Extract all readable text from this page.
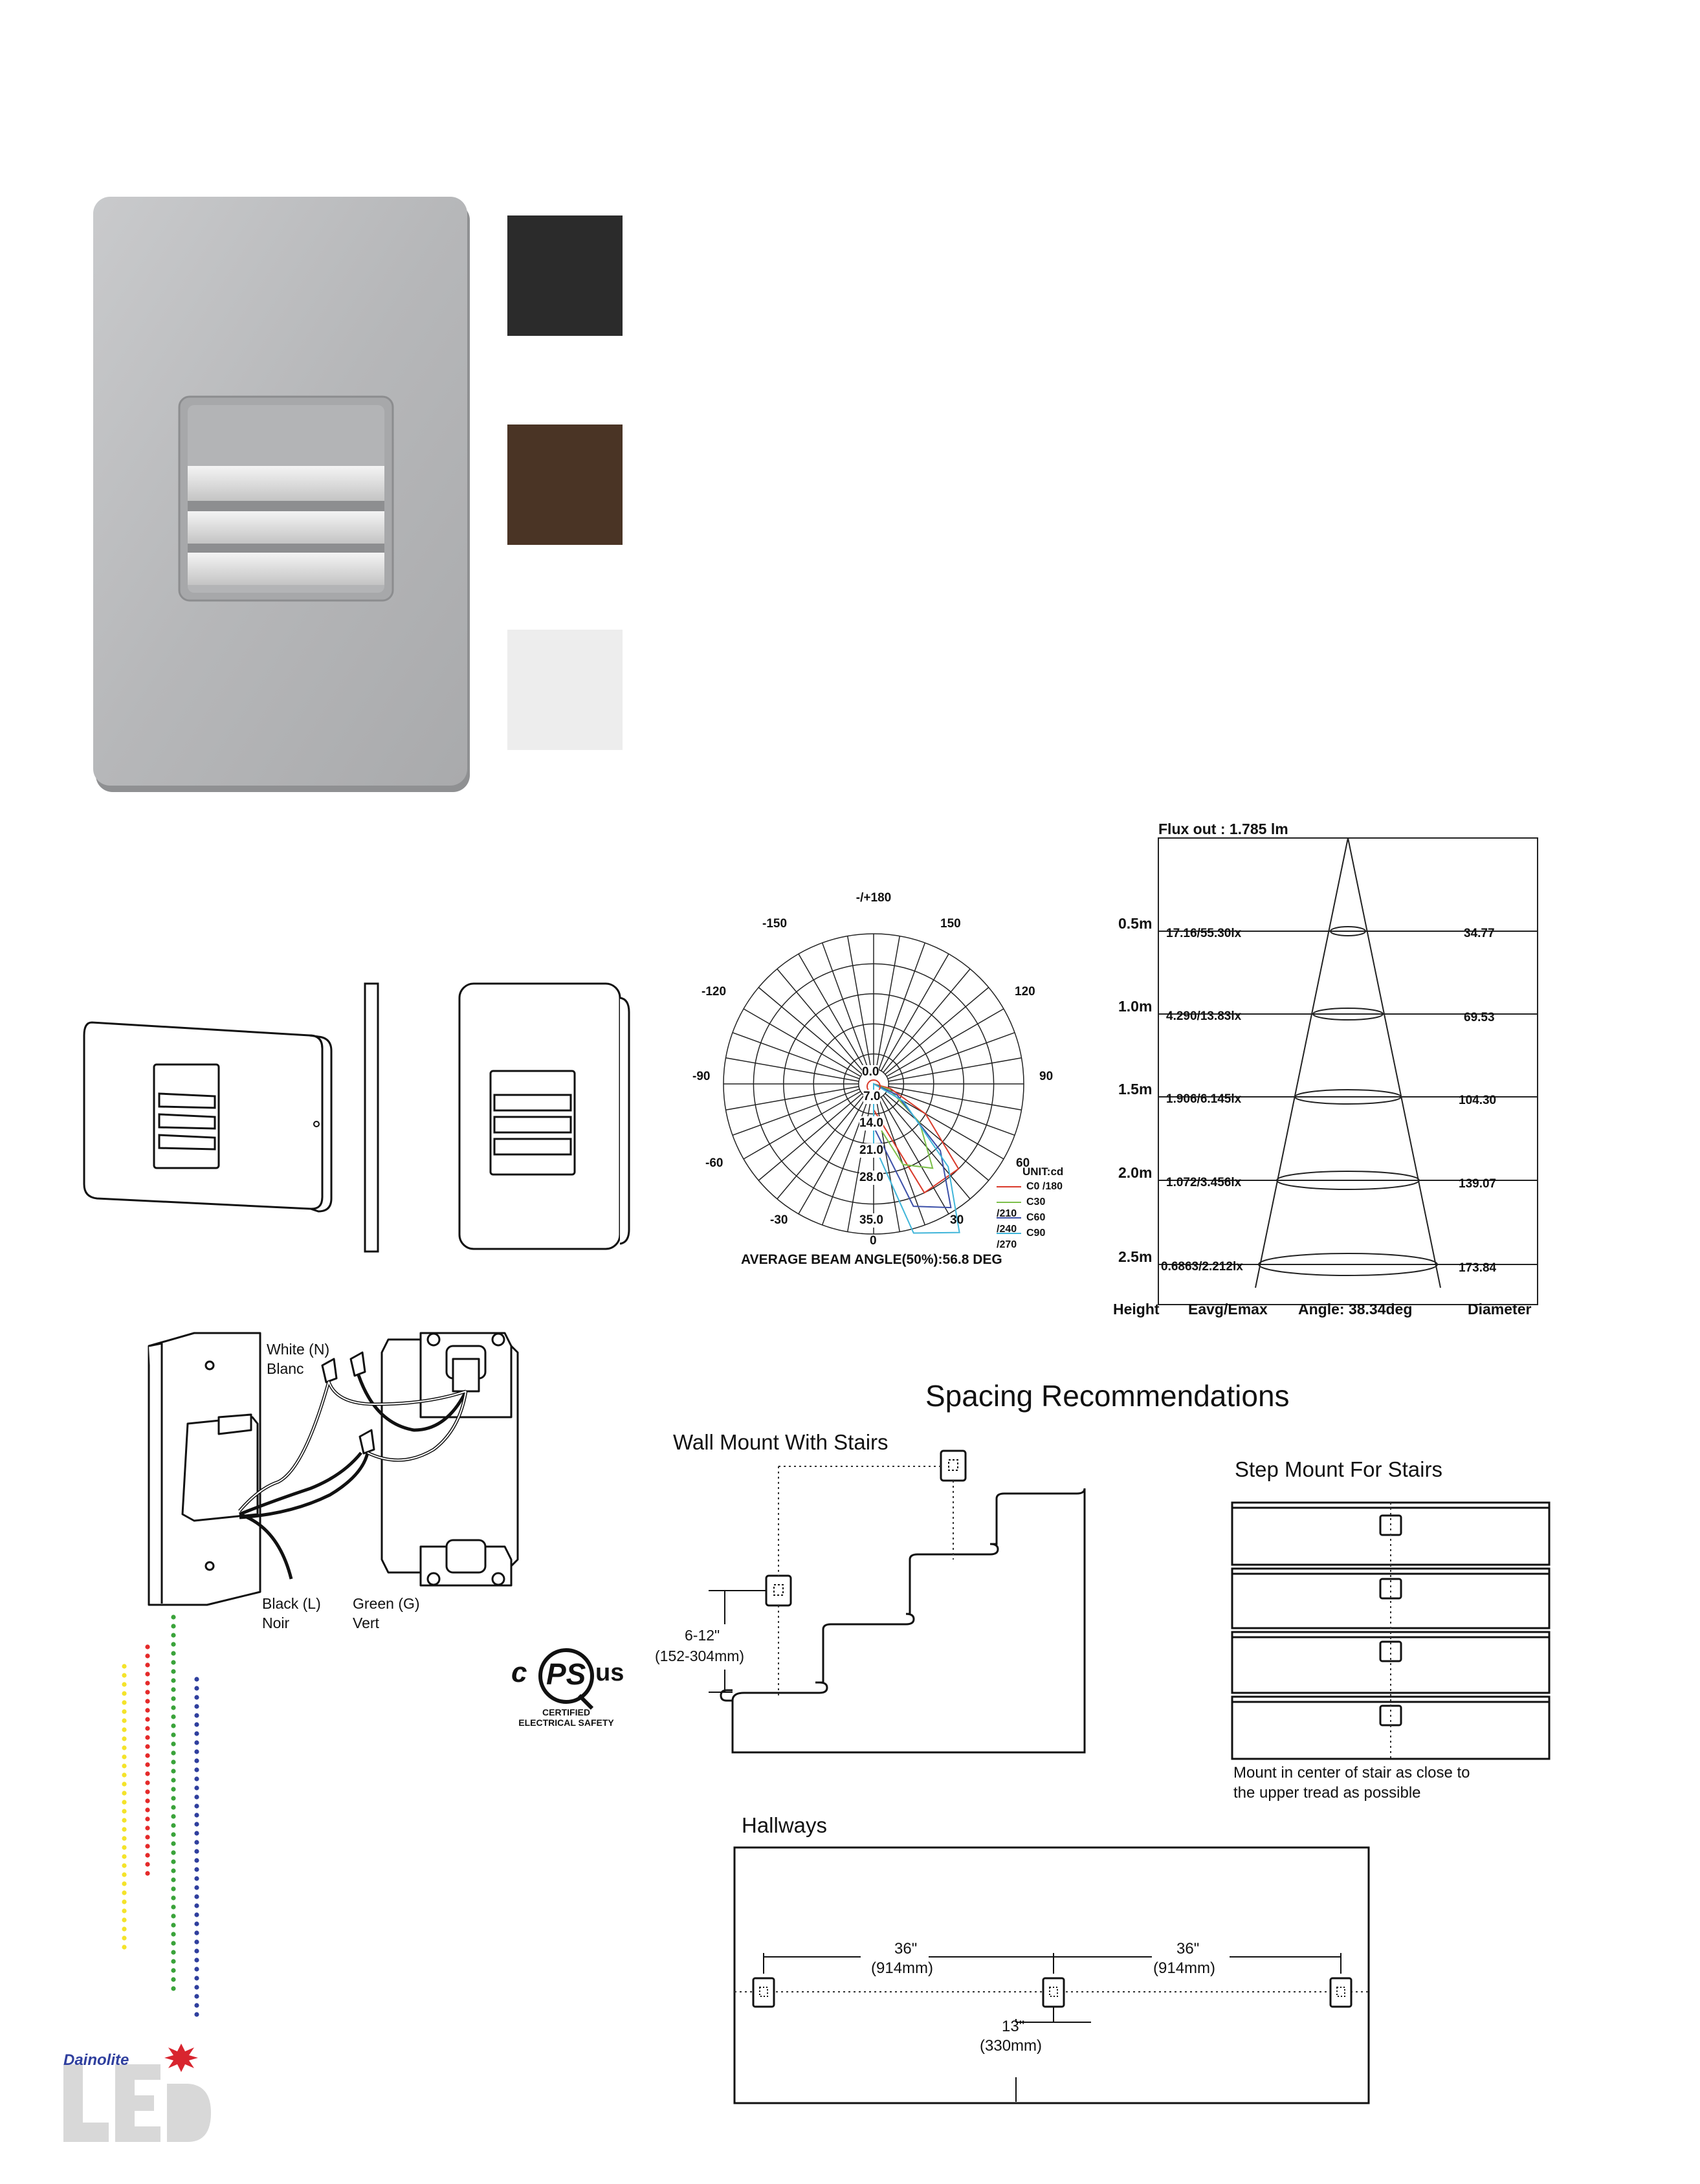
-/+180
150
-150
120
-120
90
-90
60
-60
30
-30
0
0.0
7.0
14.0
21.0
28.0
35.0
UNIT:cd
C0 /180
C30 /210 C60 /240 C90 /270
AVERAGE BEAM ANGLE(50%):56.8 DEG
Flux out : 1.785 lm
0.5m
17.16/55.30lx	34.77
1.0m
4.290/13.83lx	69.53
1.5m
1.906/6.145lx	104.30
2.0m
1.072/3.456lx	139.07
2.5m
0.6863/2.212lx	173.84
Height Eavg/Emax Angle: 38.34deg	Diameter
White (N)
Blanc
Black (L)
Noir
Green (G)
Vert
c PS us
CERTIFIED
ELECTRICAL SAFETY
Spacing Recommendations
Wall Mount With Stairs
6-12"
(152-304mm)
Step Mount For Stairs
Mount in center of stair as close to
the upper tread as possible
Hallways
36"
(914mm)
36"
(914mm)
13"
(330mm)
Dainolite
